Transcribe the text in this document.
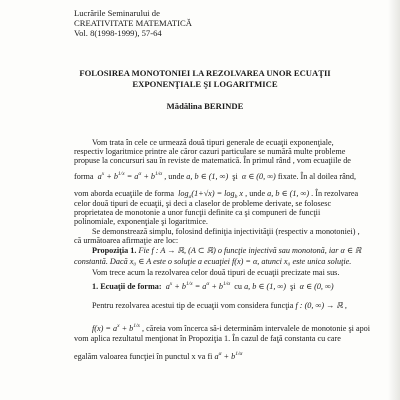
Lucrările Seminarului de
CREATIVITATE MATEMATICĂ
Vol. 8(1998-1999), 57-64
FOLOSIREA MONOTONIEI LA REZOLVAREA UNOR ECUAŢII
EXPONENŢIALE ŞI LOGARITMICE
Mădălina BERINDE
Vom trata în cele ce urmează două tipuri generale de ecuaţii exponenţiale,
respectiv logaritmice printre ale căror cazuri particulare se numără multe probleme
propuse la concursuri sau în reviste de matematică. În primul rând , vom ecuaţiile de
forma $a^x + b^{1/x} = a^\alpha + b^{1/\alpha}$ , unde a, b ∈ (1, ∞) şi α ∈ (0, ∞) fixate. În al doilea rând,
vom aborda ecuaţiile de forma $\log_a(1+√x) = \log_b x$ , unde a, b ∈ (1, ∞) . În rezolvarea
celor două tipuri de ecuaţii, şi deci a claselor de probleme derivate, se folosesc
proprietatea de monotonie a unor funcţii definite ca şi compuneri de funcţii
polinomiale, exponenţiale şi logaritmice.
Se demonstrează simplu, folosind definiţia injectivităţii (respectiv a monotoniei) ,
că următoarea afirmaţie are loc:
Propoziţia 1. Fie f : A → ℝ, (A ⊂ ℝ) o funcţie injectivă sau monotonă, iar α ∈ ℝ
constantă. Dacă x₀ ∈ A este o soluţie a ecuaţiei f(x) = α, atunci x₀ este unica soluţie.
Vom trece acum la rezolvarea celor două tipuri de ecuaţii precizate mai sus.
1. Ecuaţii de forma: $a^x + b^{1/x} = a^\alpha + b^{1/\alpha}$ cu a, b ∈ (1, ∞) şi α ∈ (0, ∞)
Pentru rezolvarea acestui tip de ecuaţii vom considera funcţia f : (0, ∞) → ℝ ,
$f(x) = a^x + b^{1/x}$ , căreia vom încerca să-i determinăm intervalele de monotonie şi apoi
vom aplica rezultatul menţionat în Propoziţia 1. În cazul de faţă constanta cu care
egalăm valoarea funcţiei în punctul x va fi $a^\alpha + b^{1/\alpha}$
